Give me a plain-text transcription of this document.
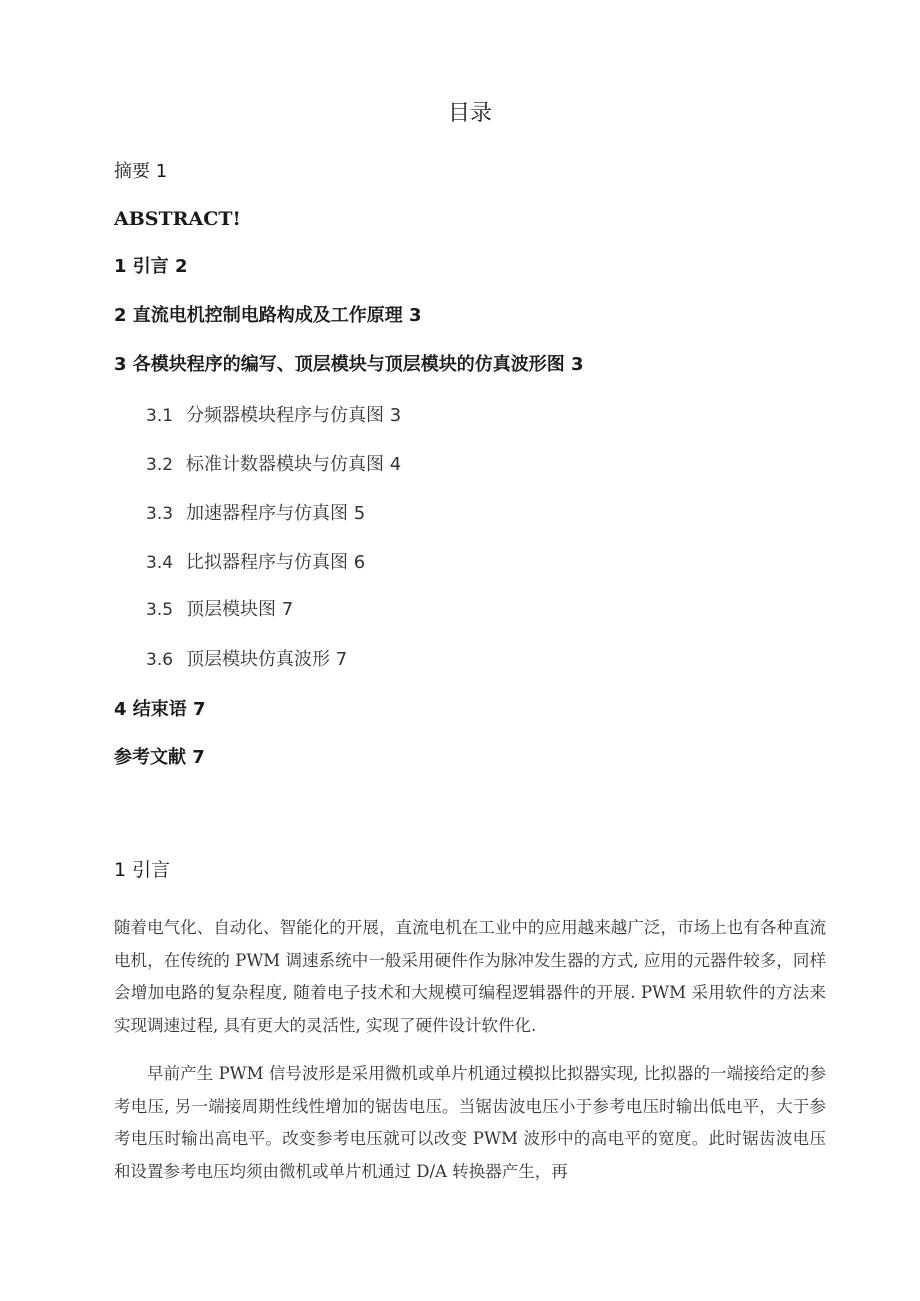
目录
摘要 1
ABSTRACT!
1 引言 2
2 直流电机控制电路构成及工作原理 3
3 各模块程序的编写、顶层模块与顶层模块的仿真波形图 3
3.1 分频器模块程序与仿真图 3
3.2 标准计数器模块与仿真图 4
3.3 加速器程序与仿真图 5
3.4 比拟器程序与仿真图 6
3.5 顶层模块图 7
3.6 顶层模块仿真波形 7
4 结束语 7
参考文献 7
1 引言

随着电气化、自动化、智能化的开展，直流电机在工业中的应用越来越广泛，市场上也有各种直流电机，在传统的 PWM 调速系统中一般采用硬件作为脉冲发生器的方式, 应用的元器件较多，同样会增加电路的复杂程度, 随着电子技术和大规模可编程逻辑器件的开展. PWM 采用软件的方法来实现调速过程, 具有更大的灵活性, 实现了硬件设计软件化.

早前产生 PWM 信号波形是采用微机或单片机通过模拟比拟器实现, 比拟器的一端接给定的参考电压, 另一端接周期性线性增加的锯齿电压。当锯齿波电压小于参考电压时输出低电平，大于参考电压时输出高电平。改变参考电压就可以改变 PWM 波形中的高电平的宽度。此时锯齿波电压和设置参考电压均须由微机或单片机通过 D/A 转换器产生，再
